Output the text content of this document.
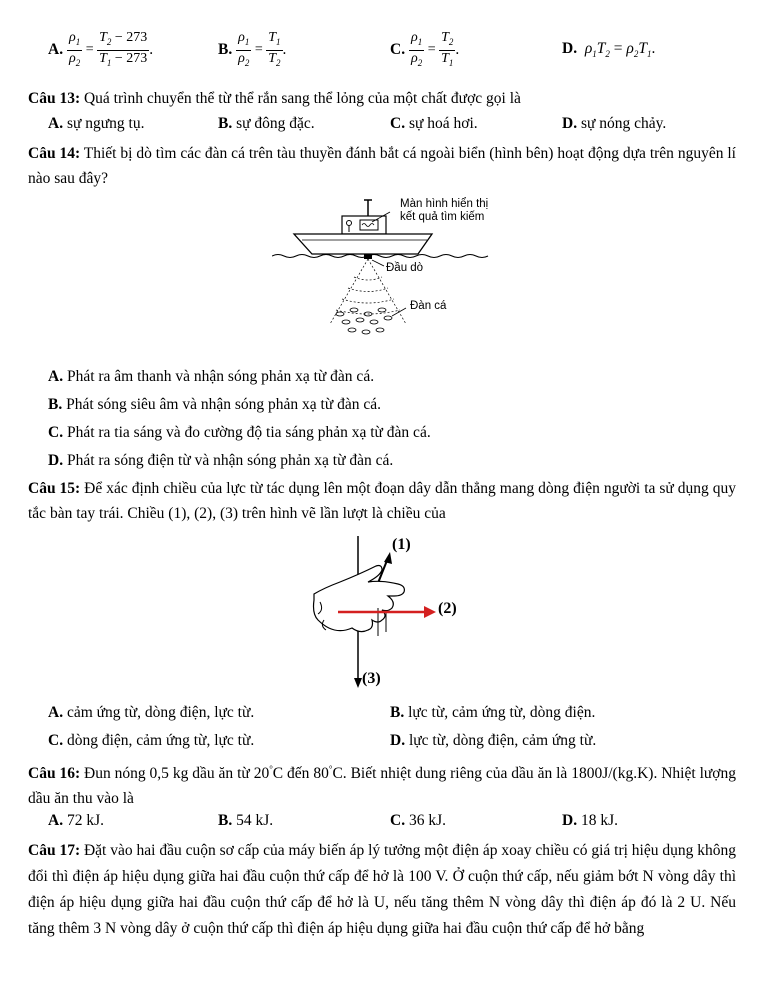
A.
$\frac{\rho_1}{\rho_2} = \frac{T_2 - 273}{T_1 - 273}$ .	B.
$\frac{\rho_1}{\rho_2} = \frac{T_1}{T_2}$ .	C.
$\frac{\rho_1}{\rho_2} = \frac{T_2}{T_1}$ .	D. $\rho_1T_2 = \rho_2T_1$.
Câu 13: Quá trình chuyển thể từ thể rắn sang thể lỏng của một chất được gọi là
A. sự ngưng tụ.	B. sự đông đặc.	C. sự hoá hơi.	D. sự nóng chảy.
Câu 14: Thiết bị dò tìm các đàn cá trên tàu thuyền đánh bắt cá ngoài biển (hình bên) hoạt động dựa trên nguyên lí nào sau đây?
Màn hình hiển thị
kết quả tìm kiếm
Đầu dò
Đàn cá
A. Phát ra âm thanh và nhận sóng phản xạ từ đàn cá.
B. Phát sóng siêu âm và nhận sóng phản xạ từ đàn cá.
C. Phát ra tia sáng và đo cường độ tia sáng phản xạ từ đàn cá.
D. Phát ra sóng điện từ và nhận sóng phản xạ từ đàn cá.
Câu 15: Để xác định chiều của lực từ tác dụng lên một đoạn dây dẫn thẳng mang dòng điện người ta sử dụng quy tắc bàn tay trái. Chiều (1), (2), (3) trên hình vẽ lần lượt là chiều của
(1)
(2)
(3)
A. cảm ứng từ, dòng điện, lực từ.	B. lực từ, cảm ứng từ, dòng điện.
C. dòng điện, cảm ứng từ, lực từ.	D. lực từ, dòng điện, cảm ứng từ.
Câu 16: Đun nóng 0,5 kg dầu ăn từ 20°C đến 80°C. Biết nhiệt dung riêng của dầu ăn là 1800J/(kg.K). Nhiệt lượng dầu ăn thu vào là
A. 72 kJ.	B. 54 kJ.	C. 36 kJ.	D. 18 kJ.
Câu 17: Đặt vào hai đầu cuộn sơ cấp của máy biến áp lý tưởng một điện áp xoay chiều có giá trị hiệu dụng không đổi thì điện áp hiệu dụng giữa hai đầu cuộn thứ cấp để hở là 100 V. Ở cuộn thứ cấp, nếu giảm bớt N vòng dây thì điện áp hiệu dụng giữa hai đầu cuộn thứ cấp để hở là U, nếu tăng thêm N vòng dây thì điện áp đó là 2 U. Nếu tăng thêm 3 N vòng dây ở cuộn thứ cấp thì điện áp hiệu dụng giữa hai đầu cuộn thứ cấp để hở bằng
